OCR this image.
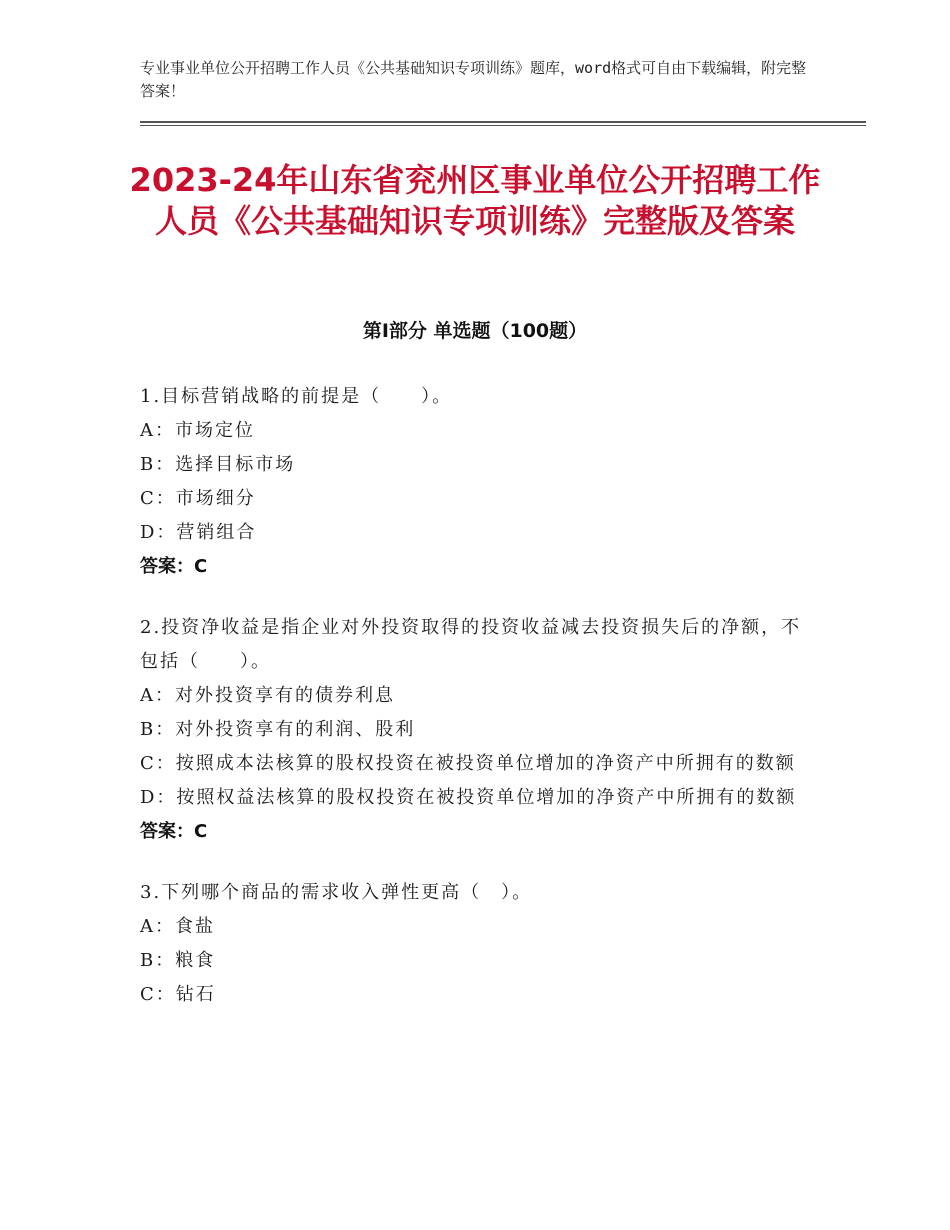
专业事业单位公开招聘工作人员《公共基础知识专项训练》题库，word格式可自由下载编辑，附完整答案！
2023-24年山东省兖州区事业单位公开招聘工作人员《公共基础知识专项训练》完整版及答案
第Ⅰ部分 单选题（100题）
1.目标营销战略的前提是（　　）。
A：市场定位
B：选择目标市场
C：市场细分
D：营销组合
答案：C
2.投资净收益是指企业对外投资取得的投资收益减去投资损失后的净额，不包括（　　）。
A：对外投资享有的债券利息
B：对外投资享有的利润、股利
C：按照成本法核算的股权投资在被投资单位增加的净资产中所拥有的数额
D：按照权益法核算的股权投资在被投资单位增加的净资产中所拥有的数额
答案：C
3.下列哪个商品的需求收入弹性更高（　）。
A：食盐
B：粮食
C：钻石
